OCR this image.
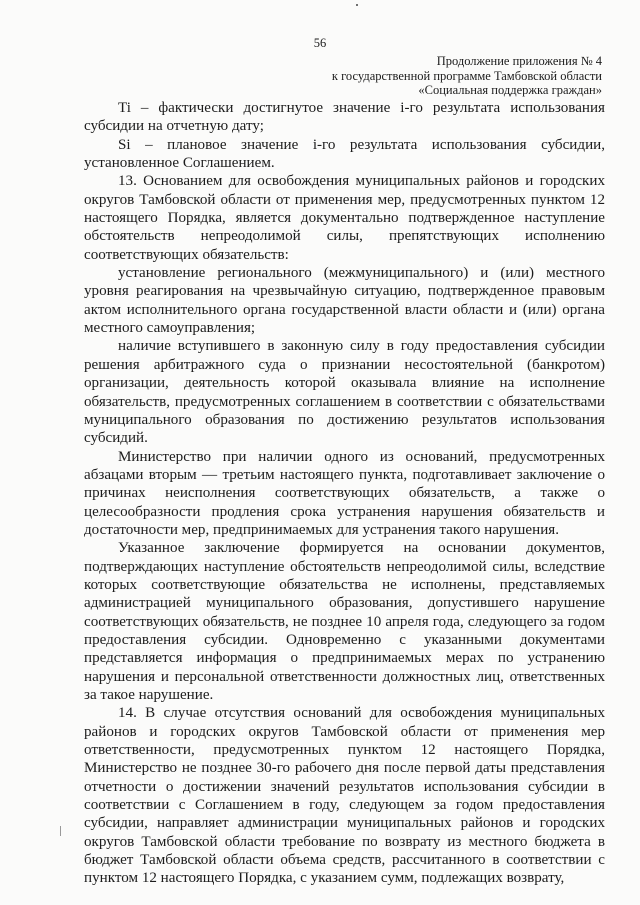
56
Продолжение приложения № 4
к государственной программе Тамбовской области
«Социальная поддержка граждан»

Ti – фактически достигнутое значение i-го результата использования субсидии на отчетную дату;

Si – плановое значение i-го результата использования субсидии, установленное Соглашением.

13. Основанием для освобождения муниципальных районов и городских округов Тамбовской области от применения мер, предусмотренных пунктом 12 настоящего Порядка, является документально подтвержденное наступление обстоятельств непреодолимой силы, препятствующих исполнению соответствующих обязательств:

установление регионального (межмуниципального) и (или) местного уровня реагирования на чрезвычайную ситуацию, подтвержденное правовым актом исполнительного органа государственной власти области и (или) органа местного самоуправления;

наличие вступившего в законную силу в году предоставления субсидии решения арбитражного суда о признании несостоятельной (банкротом) организации, деятельность которой оказывала влияние на исполнение обязательств, предусмотренных соглашением в соответствии с обязательствами муниципального образования по достижению результатов использования субсидий.

Министерство при наличии одного из оснований, предусмотренных абзацами вторым — третьим настоящего пункта, подготавливает заключение о причинах неисполнения соответствующих обязательств, а также о целесообразности продления срока устранения нарушения обязательств и достаточности мер, предпринимаемых для устранения такого нарушения.

Указанное заключение формируется на основании документов, подтверждающих наступление обстоятельств непреодолимой силы, вследствие которых соответствующие обязательства не исполнены, представляемых администрацией муниципального образования, допустившего нарушение соответствующих обязательств, не позднее 10 апреля года, следующего за годом предоставления субсидии. Одновременно с указанными документами представляется информация о предпринимаемых мерах по устранению нарушения и персональной ответственности должностных лиц, ответственных за такое нарушение.

14. В случае отсутствия оснований для освобождения муниципальных районов и городских округов Тамбовской области от применения мер ответственности, предусмотренных пунктом 12 настоящего Порядка, Министерство не позднее 30-го рабочего дня после первой даты представления отчетности о достижении значений результатов использования субсидии в соответствии с Соглашением в году, следующем за годом предоставления субсидии, направляет администрации муниципальных районов и городских округов Тамбовской области требование по возврату из местного бюджета в бюджет Тамбовской области объема средств, рассчитанного в соответствии с пунктом 12 настоящего Порядка, с указанием сумм, подлежащих возврату,
